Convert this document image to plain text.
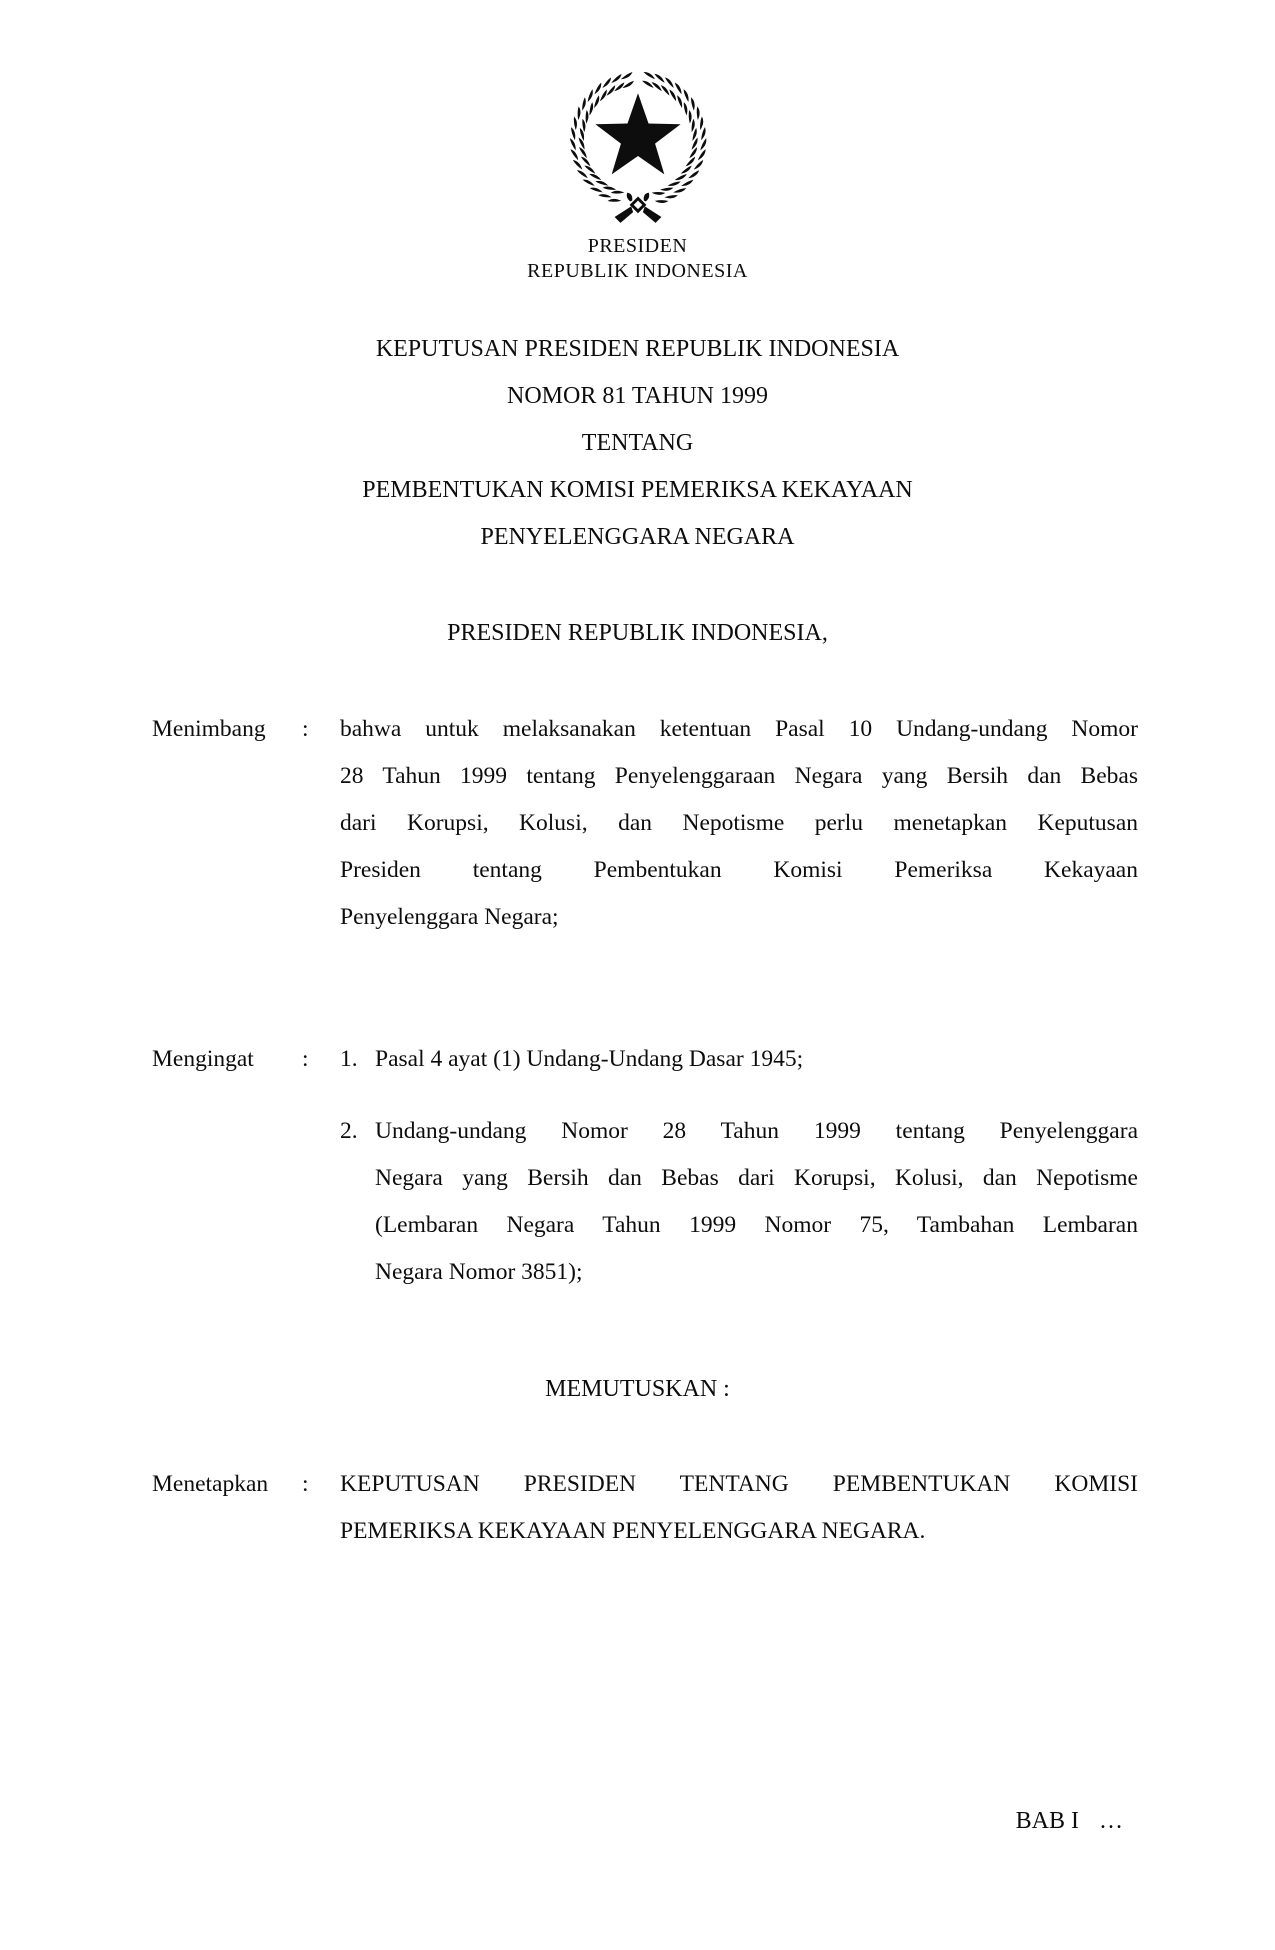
PRESIDEN
REPUBLIK INDONESIA
KEPUTUSAN PRESIDEN REPUBLIK INDONESIA
NOMOR 81 TAHUN 1999
TENTANG
PEMBENTUKAN KOMISI PEMERIKSA KEKAYAAN
PENYELENGGARA NEGARA
PRESIDEN REPUBLIK INDONESIA,
Menimbang : bahwa untuk melaksanakan ketentuan Pasal 10 Undang-undang Nomor
28 Tahun 1999 tentang Penyelenggaraan Negara yang Bersih dan Bebas
dari Korupsi, Kolusi, dan Nepotisme perlu menetapkan Keputusan
Presiden tentang Pembentukan Komisi Pemeriksa Kekayaan
Penyelenggara Negara;
Mengingat : 1. Pasal 4 ayat (1) Undang-Undang Dasar 1945;
2. Undang-undang Nomor 28 Tahun 1999 tentang Penyelenggara
Negara yang Bersih dan Bebas dari Korupsi, Kolusi, dan Nepotisme
(Lembaran Negara Tahun 1999 Nomor 75, Tambahan Lembaran
Negara Nomor 3851);
MEMUTUSKAN :
Menetapkan : KEPUTUSAN PRESIDEN TENTANG PEMBENTUKAN KOMISI
PEMERIKSA KEKAYAAN PENYELENGGARA NEGARA.
BAB I …
